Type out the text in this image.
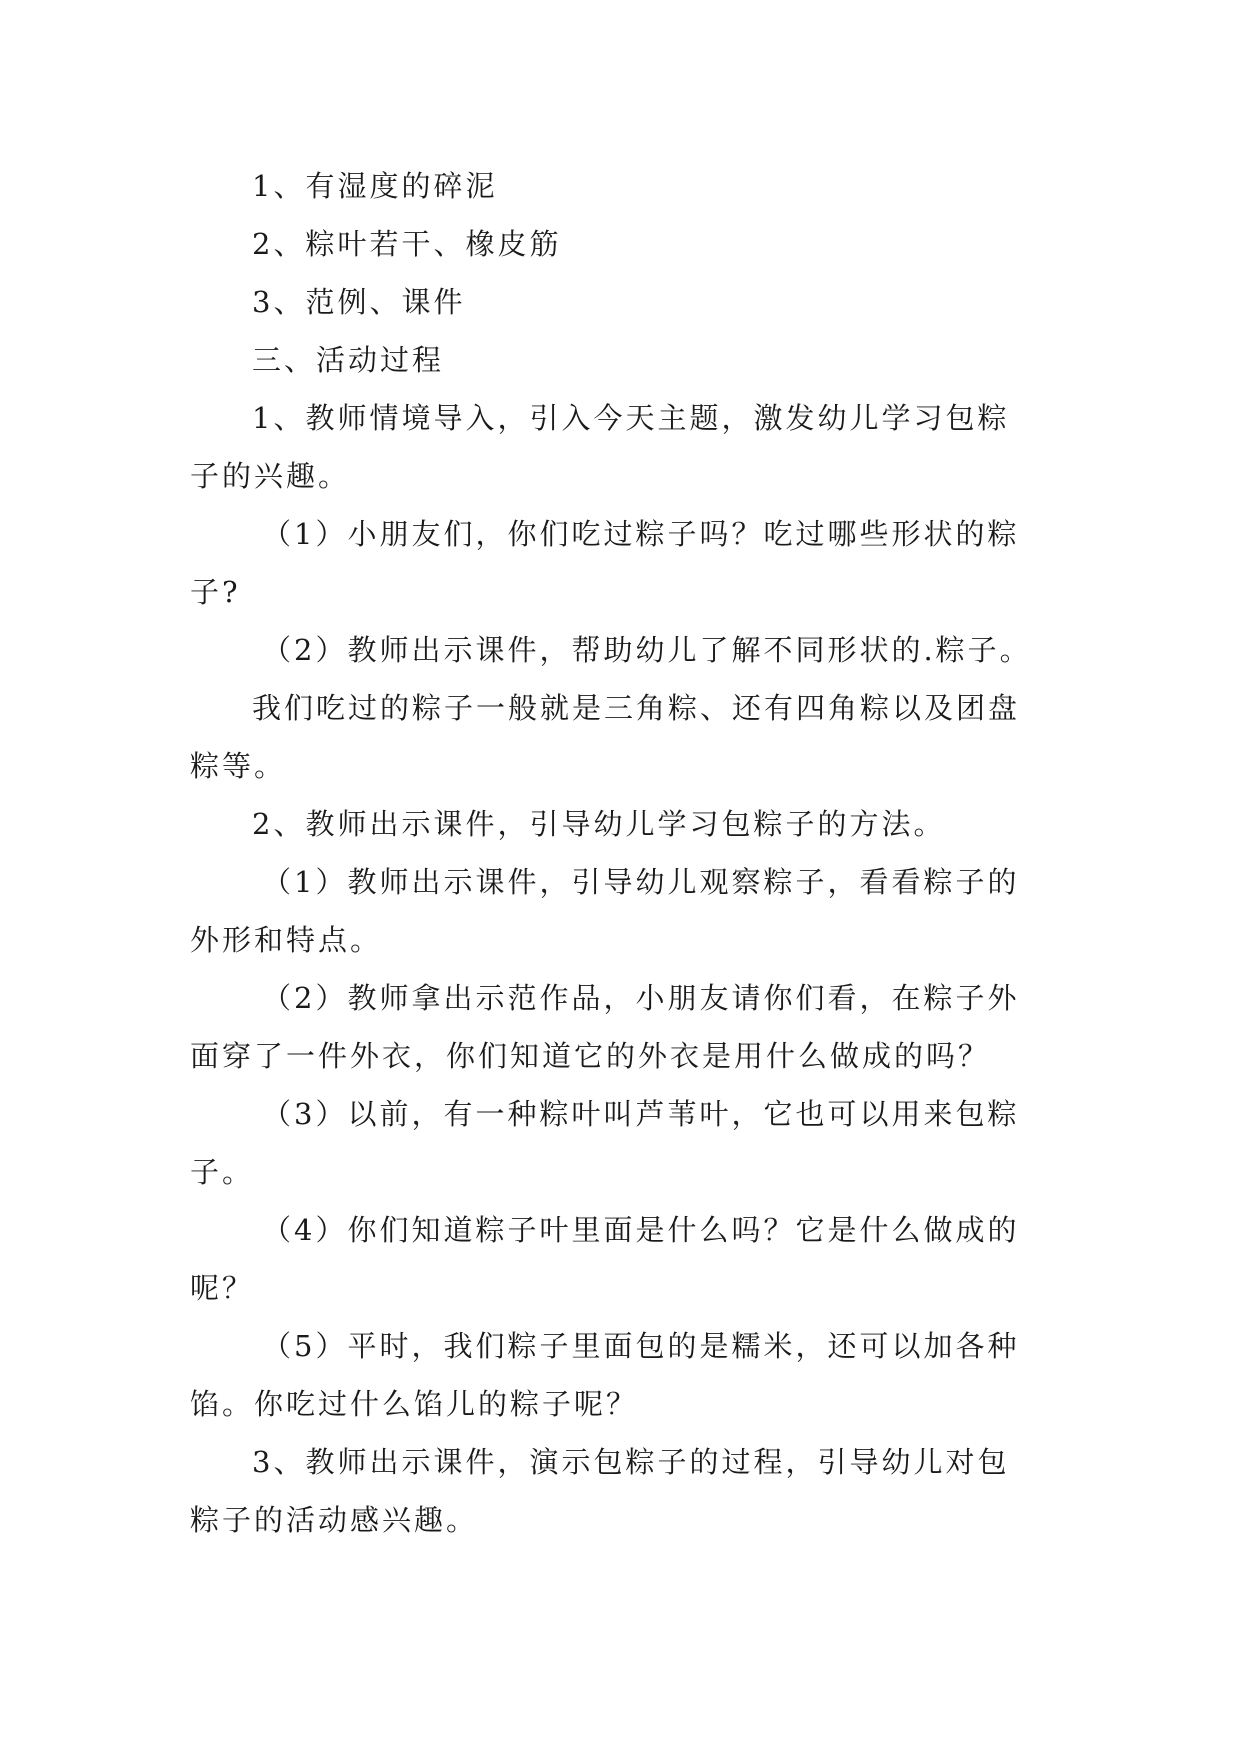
1、有湿度的碎泥
2、粽叶若干、橡皮筋
3、范例、课件
三、活动过程
1、教师情境导入，引入今天主题，激发幼儿学习包粽
子的兴趣。
（1）小朋友们，你们吃过粽子吗？吃过哪些形状的粽
子?
（2）教师出示课件，帮助幼儿了解不同形状的.粽子。
我们吃过的粽子一般就是三角粽、还有四角粽以及团盘
粽等。
2、教师出示课件，引导幼儿学习包粽子的方法。
（1）教师出示课件，引导幼儿观察粽子，看看粽子的
外形和特点。
（2）教师拿出示范作品，小朋友请你们看，在粽子外
面穿了一件外衣，你们知道它的外衣是用什么做成的吗？
（3）以前，有一种粽叶叫芦苇叶，它也可以用来包粽
子。
（4）你们知道粽子叶里面是什么吗？它是什么做成的
呢？
（5）平时，我们粽子里面包的是糯米，还可以加各种
馅。你吃过什么馅儿的粽子呢？
3、教师出示课件，演示包粽子的过程，引导幼儿对包
粽子的活动感兴趣。
